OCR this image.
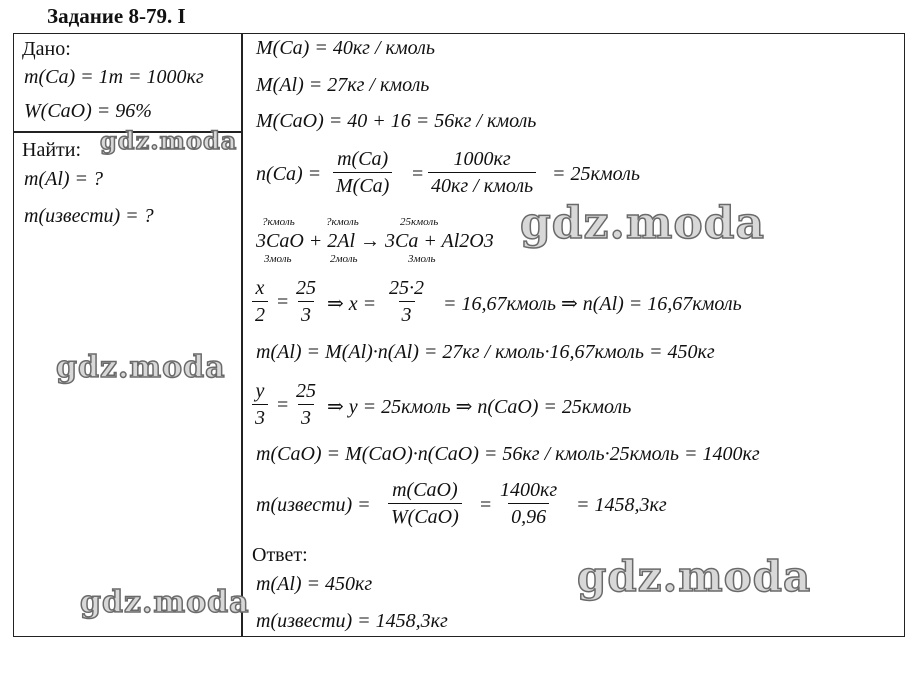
Задание 8-79. I
Дано:
m(Ca) = 1т = 1000кг
W(CaO) = 96%
Найти:
m(Al) = ?
m(извести) = ?
M(Ca) = 40кг / кмоль
M(Al) = 27кг / кмоль
M(CaO) = 40 + 16 = 56кг / кмоль
$n(Ca) = \frac{m(Ca)}{M(Ca)}$ =
1000кг
40кг / кмоль
= 25кмоль
?кмоль	?кмоль	25кмоль
3CaO + 2Al → 3Ca + Al2O3
3моль	2моль	3моль
$\frac{x}{2} = \frac{25}{3}$ ⇒ $x = \frac{25\cdot 2}{3}$ = 16,67кмоль ⇒ n(Al) = 16,67кмоль
m(Al) = M(Al)·n(Al) = 27кг / кмоль·16,67кмоль = 450кг
$\frac{y}{3} = \frac{25}{3}$ ⇒ y = 25кмоль ⇒ n(CaO) = 25кмоль
m(CaO) = M(CaO)·n(CaO) = 56кг / кмоль·25кмоль = 1400кг
m(извести) =
m(CaO)
W(CaO)
=
1400кг
0,96
= 1458,3кг
Ответ:
m(Al) = 450кг
m(извести) = 1458,3кг
gdz.moda
gdz.moda
gdz.moda
gdz.moda
gdz.moda
